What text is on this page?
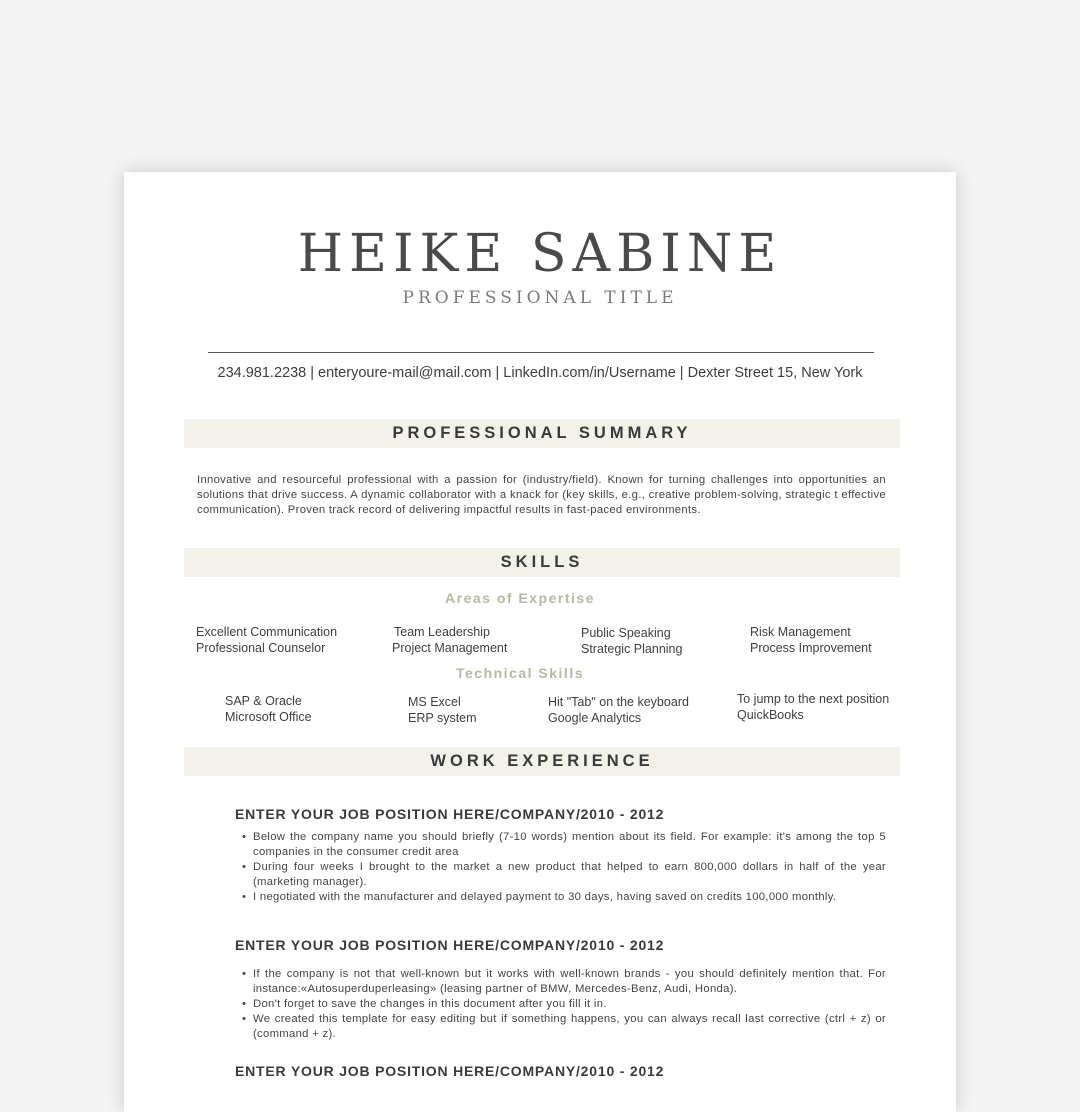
HEIKE SABINE
PROFESSIONAL TITLE
234.981.2238 | enteryoure-mail@mail.com | LinkedIn.com/in/Username | Dexter Street 15, New York
PROFESSIONAL SUMMARY
Innovative and resourceful professional with a passion for (industry/field). Known for turning challenges into opportunities an solutions that drive success. A dynamic collaborator with a knack for (key skills, e.g., creative problem-solving, strategic t effective communication). Proven track record of delivering impactful results in fast-paced environments.
SKILLS
Areas of Expertise
Excellent Communication
Professional Counselor
Team Leadership
Project Management
Public Speaking
Strategic Planning
Risk Management
Process Improvement
Technical Skills
SAP & Oracle
Microsoft Office
MS Excel
ERP system
Hit "Tab" on the keyboard
Google Analytics
To jump to the next position
QuickBooks
WORK EXPERIENCE
ENTER YOUR JOB POSITION HERE/COMPANY/2010 - 2012
• Below the company name you should briefly (7-10 words) mention about its field. For example: it's among the top 5 companies in the consumer credit area
• During four weeks I brought to the market a new product that helped to earn 800,000 dollars in half of the year (marketing manager).
• I negotiated with the manufacturer and delayed payment to 30 days, having saved on credits 100,000 monthly.
ENTER YOUR JOB POSITION HERE/COMPANY/2010 - 2012
• If the company is not that well-known but it works with well-known brands - you should definitely mention that. For instance:«Autosuperduperleasing» (leasing partner of BMW, Mercedes-Benz, Audi, Honda).
• Don't forget to save the changes in this document after you fill it in.
• We created this template for easy editing but if something happens, you can always recall last corrective (ctrl + z) or (command + z).
ENTER YOUR JOB POSITION HERE/COMPANY/2010 - 2012
